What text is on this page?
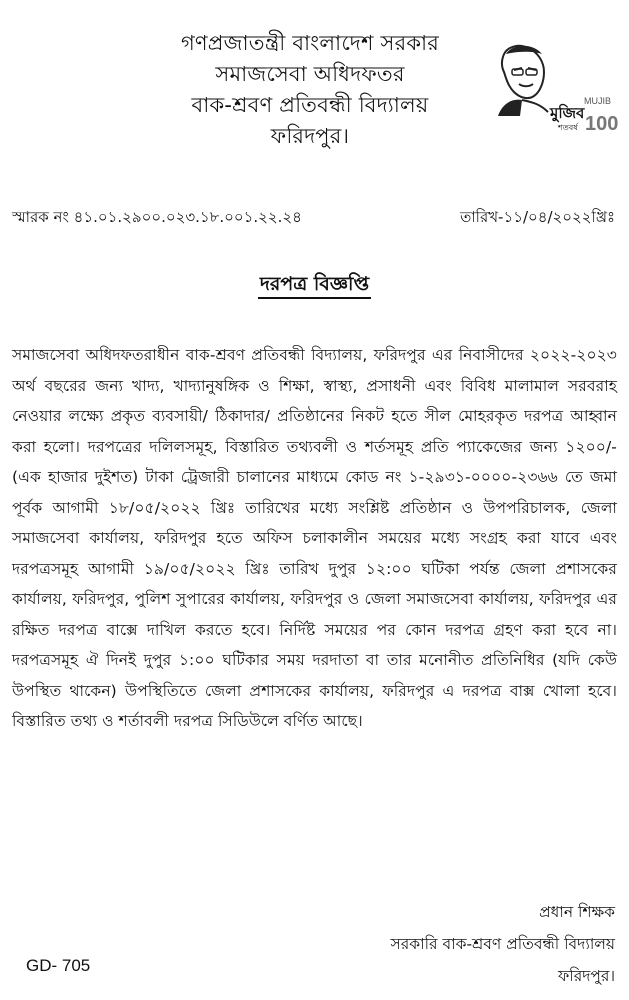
গণপ্রজাতন্ত্রী বাংলাদেশ সরকার
সমাজসেবা অধিদফতর
বাক-শ্রবণ প্রতিবন্ধী বিদ্যালয়
ফরিদপুর।
মুজিব
শতবর্ষ
MUJIB
100
স্মারক নং ৪১.০১.২৯০০.০২৩.১৮.০০১.২২.২৪	তারিখ-১১/০৪/২০২২খ্রিঃ
দরপত্র বিজ্ঞপ্তি

সমাজসেবা অধিদফতরাধীন বাক-শ্রবণ প্রতিবন্ধী বিদ্যালয়, ফরিদপুর এর নিবাসীদের ২০২২-২০২৩ অর্থ বছরের জন্য খাদ্য, খাদ্যানুষঙ্গিক ও শিক্ষা, স্বাস্থ্য, প্রসাধনী এবং বিবিধ মালামাল সরবরাহ নেওয়ার লক্ষ্যে প্রকৃত ব্যবসায়ী/ ঠিকাদার/ প্রতিষ্ঠানের নিকট হতে সীল মোহরকৃত দরপত্র আহ্বান করা হলো। দরপত্রের দলিলসমূহ, বিস্তারিত তথ্যবলী ও শর্তসমূহ প্রতি প্যাকেজের জন্য ১২০০/- (এক হাজার দুইশত) টাকা ট্রেজারী চালানের মাধ্যমে কোড নং ১-২৯৩১-০০০০-২৩৬৬ তে জমা পূর্বক আগামী ১৮/০৫/২০২২ খ্রিঃ তারিখের মধ্যে সংশ্লিষ্ট প্রতিষ্ঠান ও উপপরিচালক, জেলা সমাজসেবা কার্যালয়, ফরিদপুর হতে অফিস চলাকালীন সময়ের মধ্যে সংগ্রহ করা যাবে এবং দরপত্রসমূহ আগামী ১৯/০৫/২০২২ খ্রিঃ তারিখ দুপুর ১২:০০ ঘটিকা পর্যন্ত জেলা প্রশাসকের কার্যালয়, ফরিদপুর, পুলিশ সুপারের কার্যালয়, ফরিদপুর ও জেলা সমাজসেবা কার্যালয়, ফরিদপুর এর রক্ষিত দরপত্র বাক্সে দাখিল করতে হবে। নির্দিষ্ট সময়ের পর কোন দরপত্র গ্রহণ করা হবে না। দরপত্রসমূহ ঐ দিনই দুপুর ১:০০ ঘটিকার সময় দরদাতা বা তার মনোনীত প্রতিনিধির (যদি কেউ উপস্থিত থাকেন) উপস্থিতিতে জেলা প্রশাসকের কার্যালয়, ফরিদপুর এ দরপত্র বাক্স খোলা হবে। বিস্তারিত তথ্য ও শর্তাবলী দরপত্র সিডিউলে বর্ণিত আছে।

প্রধান শিক্ষক
সরকারি বাক-শ্রবণ প্রতিবন্ধী বিদ্যালয়
ফরিদপুর।
GD- 705
